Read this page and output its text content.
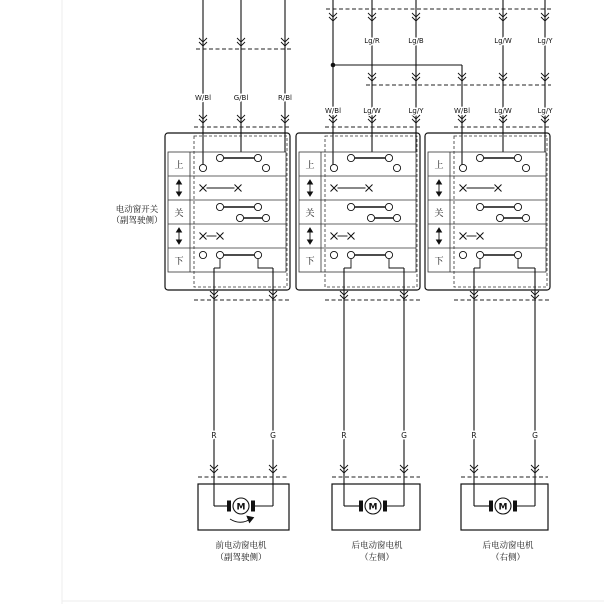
电动窗开关
（副驾驶侧）
W/Bl	G/Bl	R/Bl
上
关
下
R	G
M
前电动窗电机
（副驾驶侧）
Lg/R	Lg/B
W/Bl	Lg/W	Lg/Y
上
关
下
R	G
M
后电动窗电机
（左侧）
Lg/W	Lg/Y
W/Bl	Lg/W	Lg/Y
上
关
下
R	G
M
后电动窗电机
（右侧）
